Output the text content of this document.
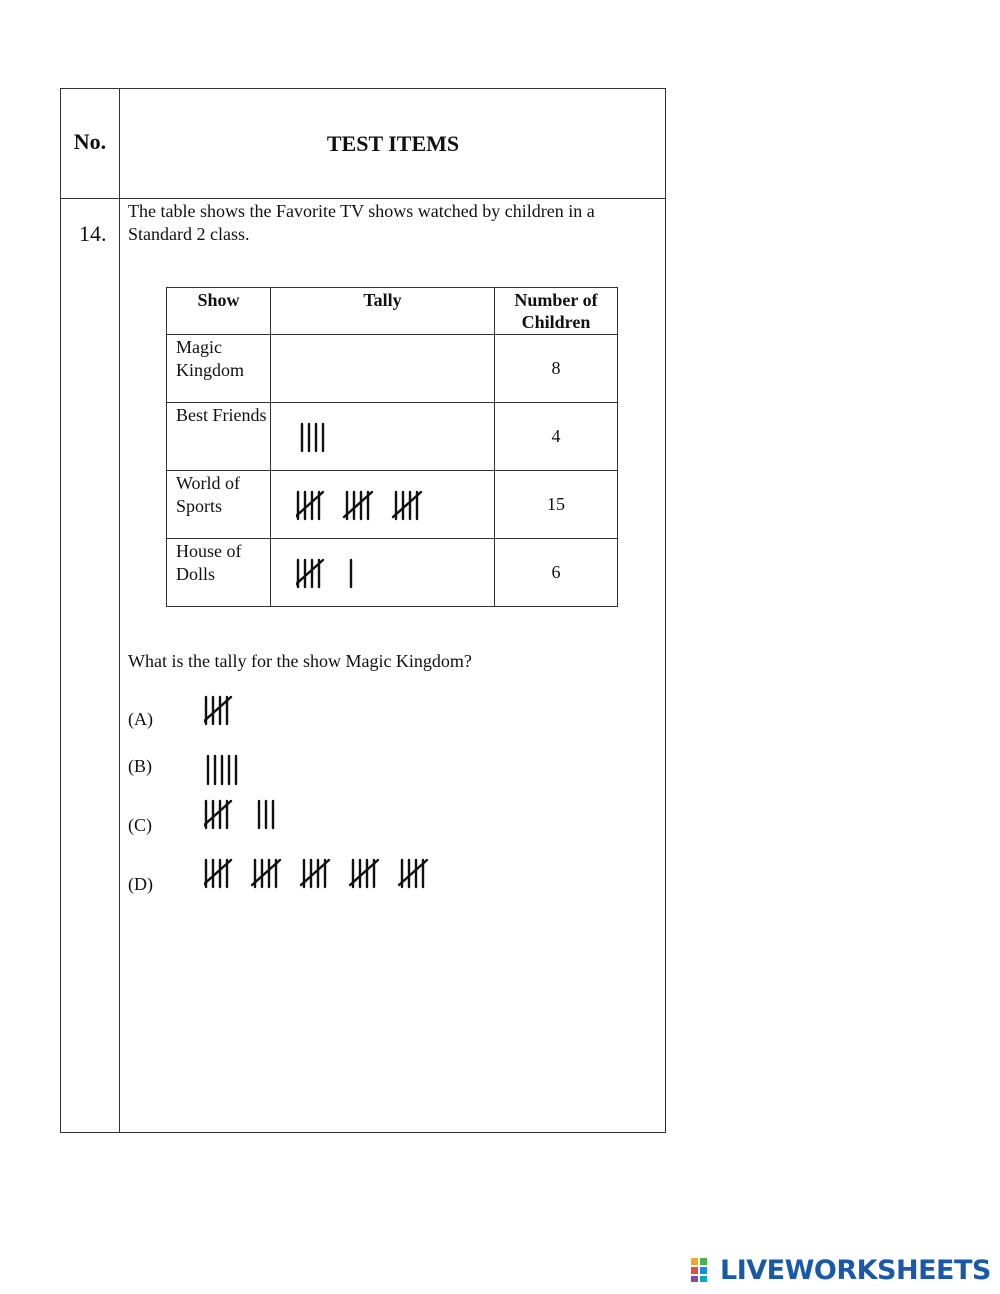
No.	TEST ITEMS
14.
The table shows the Favorite TV shows watched by children in a Standard 2 class.
Show	Tally	Number of Children

Magic Kingdom		8

Best Friends		4

World of Sports		15

House of Dolls		6
What is the tally for the show Magic Kingdom?
(A)
(B)
(C)
(D)
LIVEWORKSHEETS
